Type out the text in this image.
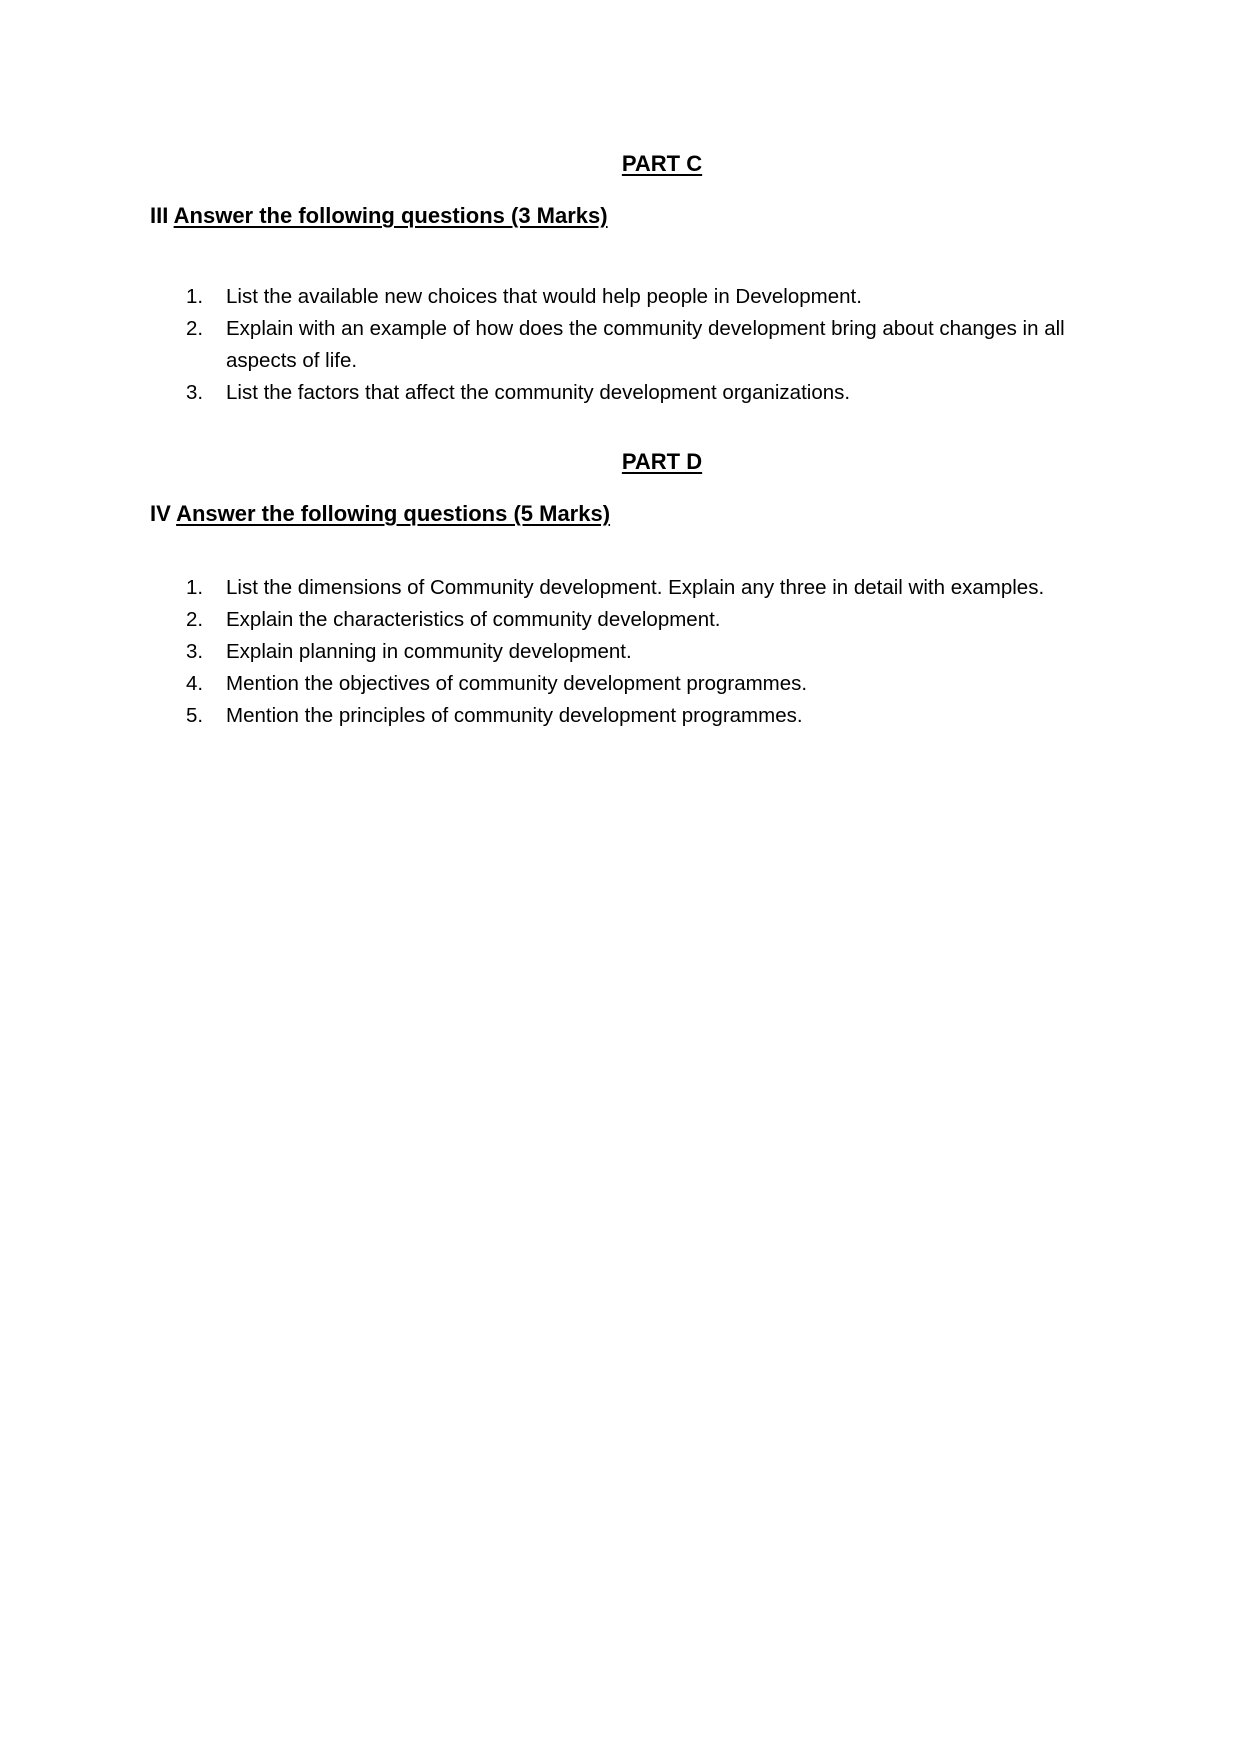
PART C
III Answer the following questions (3 Marks)
1. List the available new choices that would help people in Development.
2. Explain with an example of how does the community development bring about changes in all aspects of life.
3. List the factors that affect the community development organizations.
PART D
IV Answer the following questions (5 Marks)
1. List the dimensions of Community development. Explain any three in detail with examples.
2. Explain the characteristics of community development.
3. Explain planning in community development.
4. Mention the objectives of community development programmes.
5. Mention the principles of community development programmes.
